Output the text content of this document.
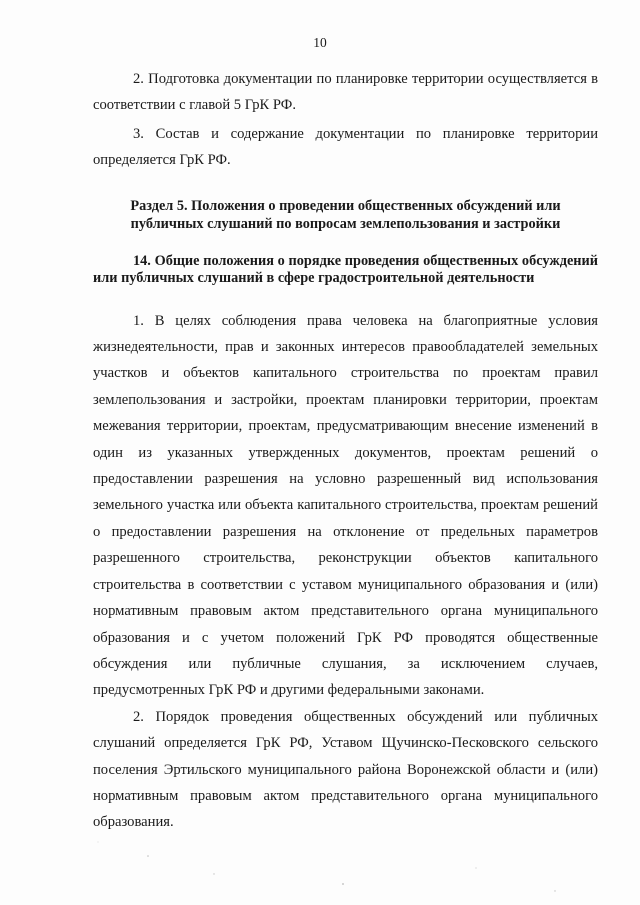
10

2. Подготовка документации по планировке территории осуществляется в соответствии с главой 5 ГрК РФ.

3. Состав и содержание документации по планировке территории определяется ГрК РФ.

Раздел 5. Положения о проведении общественных обсуждений или публичных слушаний по вопросам землепользования и застройки

14. Общие положения о порядке проведения общественных обсуждений или публичных слушаний в сфере градостроительной деятельности

1. В целях соблюдения права человека на благоприятные условия жизнедеятельности, прав и законных интересов правообладателей земельных участков и объектов капитального строительства по проектам правил землепользования и застройки, проектам планировки территории, проектам межевания территории, проектам, предусматривающим внесение изменений в один из указанных утвержденных документов, проектам решений о предоставлении разрешения на условно разрешенный вид использования земельного участка или объекта капитального строительства, проектам решений о предоставлении разрешения на отклонение от предельных параметров разрешенного строительства, реконструкции объектов капитального строительства в соответствии с уставом муниципального образования и (или) нормативным правовым актом представительного органа муниципального образования и с учетом положений ГрК РФ проводятся общественные обсуждения или публичные слушания, за исключением случаев, предусмотренных ГрК РФ и другими федеральными законами.

2. Порядок проведения общественных обсуждений или публичных слушаний определяется ГрК РФ, Уставом Щучинско-Песковского сельского поселения Эртильского муниципального района Воронежской области и (или) нормативным правовым актом представительного органа муниципального образования.
